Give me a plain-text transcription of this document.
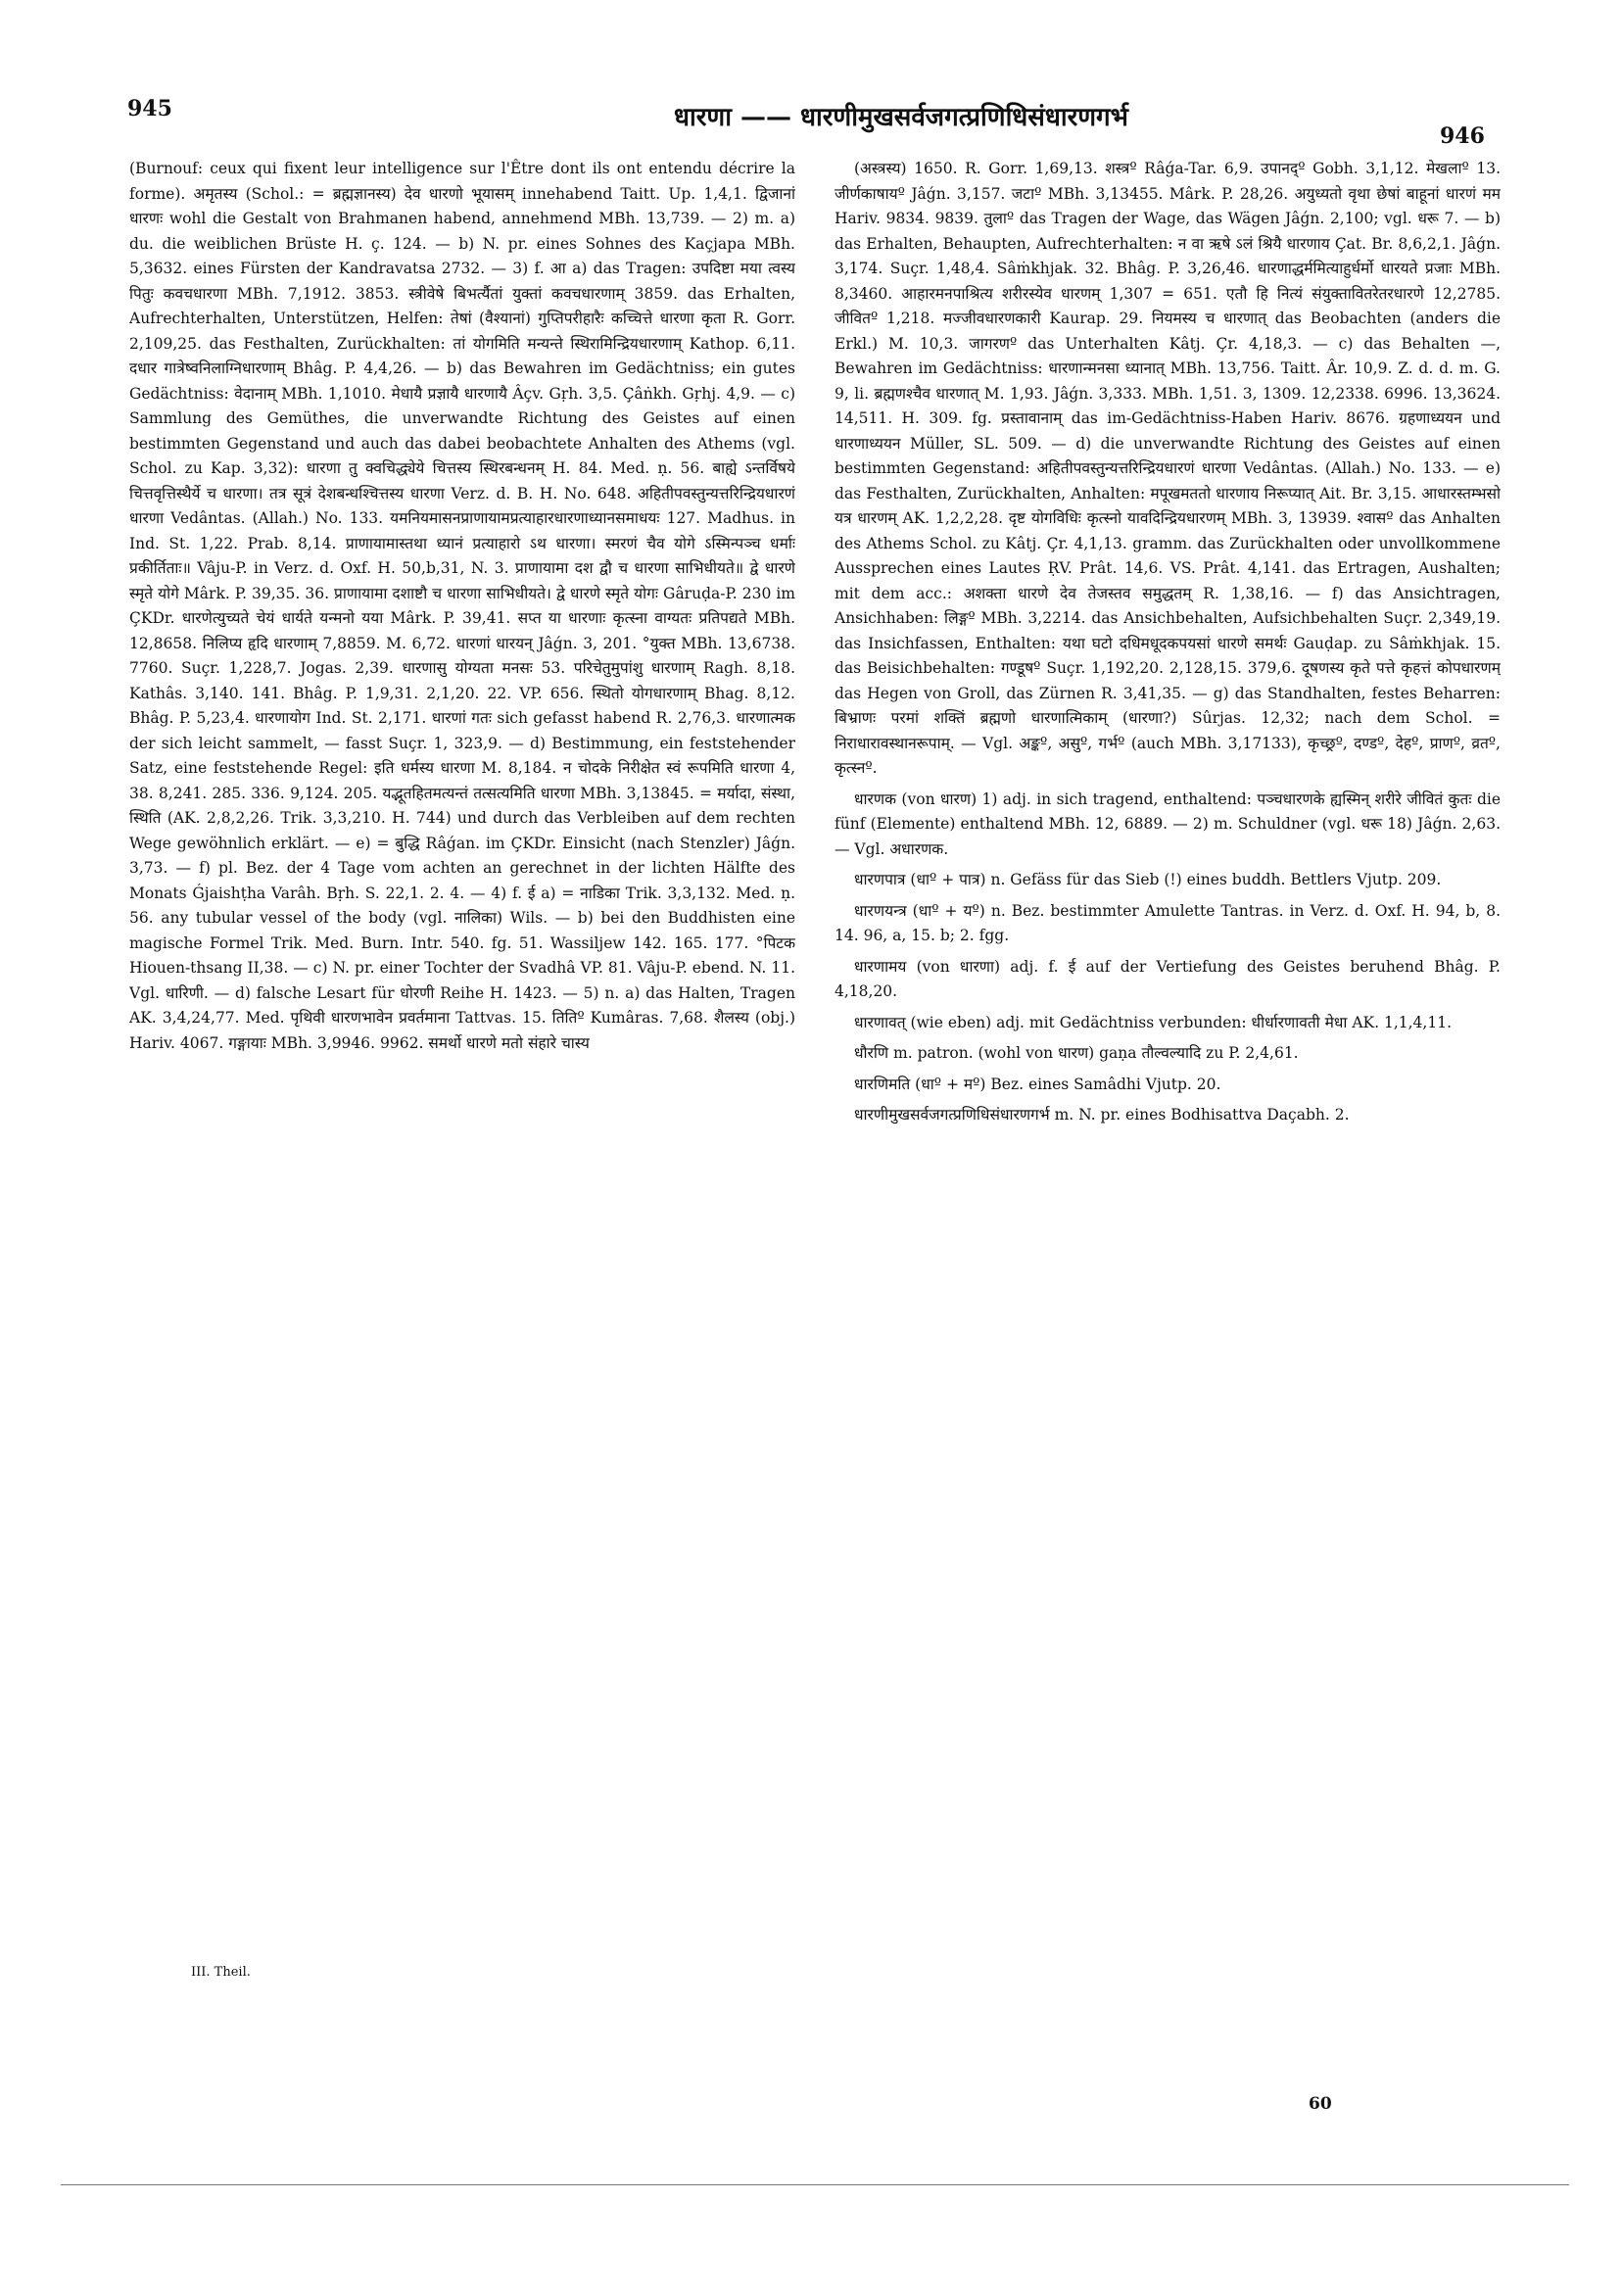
945	धारणा —— धारणीमुखसर्वजगत्प्रणिधिसंधारणगर्भ
946

(Burnouf: ceux qui fixent leur intelligence sur l'Être dont ils ont entendu décrire la forme). अमृतस्य (Schol.: = ब्रह्मज्ञानस्य) देव धारणो भूयासम् innehabend Taitt. Up. 1,4,1. द्विजानां धारणः wohl die Gestalt von Brahmanen habend, annehmend MBh. 13,739. — 2) m. a) du. die weiblichen Brüste H. ç. 124. — b) N. pr. eines Sohnes des Kaçjapa MBh. 5,3632. eines Fürsten der Kandravatsa 2732. — 3) f. आ a) das Tragen: उपदिष्टा मया त्वस्य पितुः कवचधारणा MBh. 7,1912. 3853. स्त्रीवेषे बिभर्त्यैतां युक्तां कवचधारणाम् 3859. das Erhalten, Aufrechterhalten, Unterstützen, Helfen: तेषां (वैश्यानां) गुप्तिपरीहारैः कच्चित्ते धारणा कृता R. Gorr. 2,109,25. das Festhalten, Zurückhalten: तां योगमिति मन्यन्ते स्थिरामिन्द्रियधारणाम् Kathop. 6,11. दधार गात्रेष्वनिलाग्निधारणाम् Bhâg. P. 4,4,26. — b) das Bewahren im Gedächtniss; ein gutes Gedächtniss: वेदानाम् MBh. 1,1010. मेधायै प्रज्ञायै धारणायै Âçv. Gṛh. 3,5. Çâṅkh. Gṛhj. 4,9. — c) Sammlung des Gemüthes, die unverwandte Richtung des Geistes auf einen bestimmten Gegenstand und auch das dabei beobachtete Anhalten des Athems (vgl. Schol. zu Kap. 3,32): धारणा तु क्वचिद्ध्येये चित्तस्य स्थिरबन्धनम् H. 84. Med. ṇ. 56. बाह्ये ऽन्तर्विषये चित्तवृत्तिस्थैर्ये च धारणा। तत्र सूत्रं देशबन्धश्चित्तस्य धारणा Verz. d. B. H. No. 648. अहितीपवस्तुन्यत्तरिन्द्रियधारणं धारणा Vedântas. (Allah.) No. 133. यमनियमासनप्राणायामप्रत्याहारधारणाध्यानसमाधयः 127. Madhus. in Ind. St. 1,22. Prab. 8,14. प्राणायामास्तथा ध्यानं प्रत्याहारो ऽथ धारणा। स्मरणं चैव योगे ऽस्मिन्पञ्च धर्माः प्रकीर्तिताः॥ Vâju-P. in Verz. d. Oxf. H. 50,b,31, N. 3. प्राणायामा दश द्वौ च धारणा साभिधीयते॥ द्वे धारणे स्मृते योगे Mârk. P. 39,35. 36. प्राणायामा दशाष्टौ च धारणा साभिधीयते। द्वे धारणे स्मृते योगः Gâruḍa-P. 230 im ÇKDr. धारणेत्युच्यते चेयं धार्यते यन्मनो यया Mârk. P. 39,41. सप्त या धारणाः कृत्स्ना वाग्यतः प्रतिपद्यते MBh. 12,8658. निलिप्य हृदि धारणाम् 7,8859. M. 6,72. धारणां धारयन् Jâǵn. 3, 201. °युक्त MBh. 13,6738. 7760. Suçr. 1,228,7. Jogas. 2,39. धारणासु योग्यता मनसः 53. परिचेतुमुपांशु धारणाम् Ragh. 8,18. Kathâs. 3,140. 141. Bhâg. P. 1,9,31. 2,1,20. 22. VP. 656. स्थितो योगधारणाम् Bhag. 8,12. Bhâg. P. 5,23,4. धारणायोग Ind. St. 2,171. धारणां गतः sich gefasst habend R. 2,76,3. धारणात्मक der sich leicht sammelt, — fasst Suçr. 1, 323,9. — d) Bestimmung, ein feststehender Satz, eine feststehende Regel: इति धर्मस्य धारणा M. 8,184. न चोदके निरीक्षेत स्वं रूपमिति धारणा 4, 38. 8,241. 285. 336. 9,124. 205. यद्भूतहितमत्यन्तं तत्सत्यमिति धारणा MBh. 3,13845. = मर्यादा, संस्था, स्थिति (AK. 2,8,2,26. Trik. 3,3,210. H. 744) und durch das Verbleiben auf dem rechten Wege gewöhnlich erklärt. — e) = बुद्धि Râǵan. im ÇKDr. Einsicht (nach Stenzler) Jâǵn. 3,73. — f) pl. Bez. der 4 Tage vom achten an gerechnet in der lichten Hälfte des Monats Ǵjaishṭha Varâh. Bṛh. S. 22,1. 2. 4. — 4) f. ई a) = नाडिका Trik. 3,3,132. Med. ṇ. 56. any tubular vessel of the body (vgl. नालिका) Wils. — b) bei den Buddhisten eine magische Formel Trik. Med. Burn. Intr. 540. fg. 51. Wassiljew 142. 165. 177. °पिटक Hiouen-thsang II,38. — c) N. pr. einer Tochter der Svadhâ VP. 81. Vâju-P. ebend. N. 11. Vgl. धारिणी. — d) falsche Lesart für धोरणी Reihe H. 1423. — 5) n. a) das Halten, Tragen AK. 3,4,24,77. Med. पृथिवी धारणभावेन प्रवर्तमाना Tattvas. 15. तितिº Kumâras. 7,68. शैलस्य (obj.) Hariv. 4067. गङ्गायाः MBh. 3,9946. 9962. समर्थो धारणे मतो संहारे चास्य

(अस्त्रस्य) 1650. R. Gorr. 1,69,13. शस्त्रº Râǵa-Tar. 6,9. उपानद्º Gobh. 3,1,12. मेखलाº 13. जीर्णकाषायº Jâǵn. 3,157. जटाº MBh. 3,13455. Mârk. P. 28,26. अयुध्यतो वृथा छेषां बाहूनां धारणं मम Hariv. 9834. 9839. तुलाº das Tragen der Wage, das Wägen Jâǵn. 2,100; vgl. धरू 7. — b) das Erhalten, Behaupten, Aufrechterhalten: न वा ऋषे ऽलं श्रियै धारणाय Çat. Br. 8,6,2,1. Jâǵn. 3,174. Suçr. 1,48,4. Sâṁkhjak. 32. Bhâg. P. 3,26,46. धारणाद्धर्ममित्याहुर्धर्मो धारयते प्रजाः MBh. 8,3460. आहारमनपाश्रित्य शरीरस्येव धारणम् 1,307 = 651. एतौ हि नित्यं संयुक्तावितरेतरधारणे 12,2785. जीवितº 1,218. मज्जीवधारणकारी Kaurap. 29. नियमस्य च धारणात् das Beobachten (anders die Erkl.) M. 10,3. जागरणº das Unterhalten Kâtj. Çr. 4,18,3. — c) das Behalten —, Bewahren im Gedächtniss: धारणान्मनसा ध्यानात् MBh. 13,756. Taitt. Âr. 10,9. Z. d. d. m. G. 9, li. ब्रह्मणश्चैव धारणात् M. 1,93. Jâǵn. 3,333. MBh. 1,51. 3, 1309. 12,2338. 6996. 13,3624. 14,511. H. 309. fg. प्रस्तावानाम् das im-Gedächtniss-Haben Hariv. 8676. ग्रहणाध्ययन und धारणाध्ययन Müller, SL. 509. — d) die unverwandte Richtung des Geistes auf einen bestimmten Gegenstand: अहितीपवस्तुन्यत्तरिन्द्रियधारणं धारणा Vedântas. (Allah.) No. 133. — e) das Festhalten, Zurückhalten, Anhalten: मपूखमततो धारणाय निरूप्यात् Ait. Br. 3,15. आधारस्तम्भसो यत्र धारणम् AK. 1,2,2,28. दृष्ट योगविधिः कृत्स्नो यावदिन्द्रियधारणम् MBh. 3, 13939. श्वासº das Anhalten des Athems Schol. zu Kâtj. Çr. 4,1,13. gramm. das Zurückhalten oder unvollkommene Aussprechen eines Lautes ṚV. Prât. 14,6. VS. Prât. 4,141. das Ertragen, Aushalten; mit dem acc.: अशक्ता धारणे देव तेजस्तव समुद्धतम् R. 1,38,16. — f) das Ansichtragen, Ansichhaben: लिङ्गº MBh. 3,2214. das Ansichbehalten, Aufsichbehalten Suçr. 2,349,19. das Insichfassen, Enthalten: यथा घटो दधिमधूदकपयसां धारणे समर्थः Gauḍap. zu Sâṁkhjak. 15. das Beisichbehalten: गण्डूषº Suçr. 1,192,20. 2,128,15. 379,6. दूषणस्य कृते पत्ते कृहत्तं कोपधारणम् das Hegen von Groll, das Zürnen R. 3,41,35. — g) das Standhalten, festes Beharren: बिभ्राणः परमां शक्तिं ब्रह्मणो धारणात्मिकाम् (धारणा?) Sûrjas. 12,32; nach dem Schol. = निराधारावस्थानरूपाम्. — Vgl. अङ्कº, असुº, गर्भº (auch MBh. 3,17133), कृच्छ्रº, दण्डº, देहº, प्राणº, व्रतº, कृत्स्नº.

धारणक (von धारण) 1) adj. in sich tragend, enthaltend: पञ्चधारणके ह्यस्मिन् शरीरे जीवितं कुतः die fünf (Elemente) enthaltend MBh. 12, 6889. — 2) m. Schuldner (vgl. धरू 18) Jâǵn. 2,63. — Vgl. अधारणक.

धारणपात्र (धाº + पात्र) n. Gefäss für das Sieb (!) eines buddh. Bettlers Vjutp. 209.

धारणयन्त्र (धाº + यº) n. Bez. bestimmter Amulette Tantras. in Verz. d. Oxf. H. 94, b, 8. 14. 96, a, 15. b; 2. fgg.

धारणामय (von धारणा) adj. f. ई auf der Vertiefung des Geistes beruhend Bhâg. P. 4,18,20.

धारणावत् (wie eben) adj. mit Gedächtniss verbunden: धीर्धारणावती मेधा AK. 1,1,4,11.

धौरणि m. patron. (wohl von धारण) gaṇa तौल्वल्यादि zu P. 2,4,61.

धारणिमति (धाº + मº) Bez. eines Samâdhi Vjutp. 20.

धारणीमुखसर्वजगत्प्रणिधिसंधारणगर्भ m. N. pr. eines Bodhisattva Daçabh. 2.

III. Theil.
60
